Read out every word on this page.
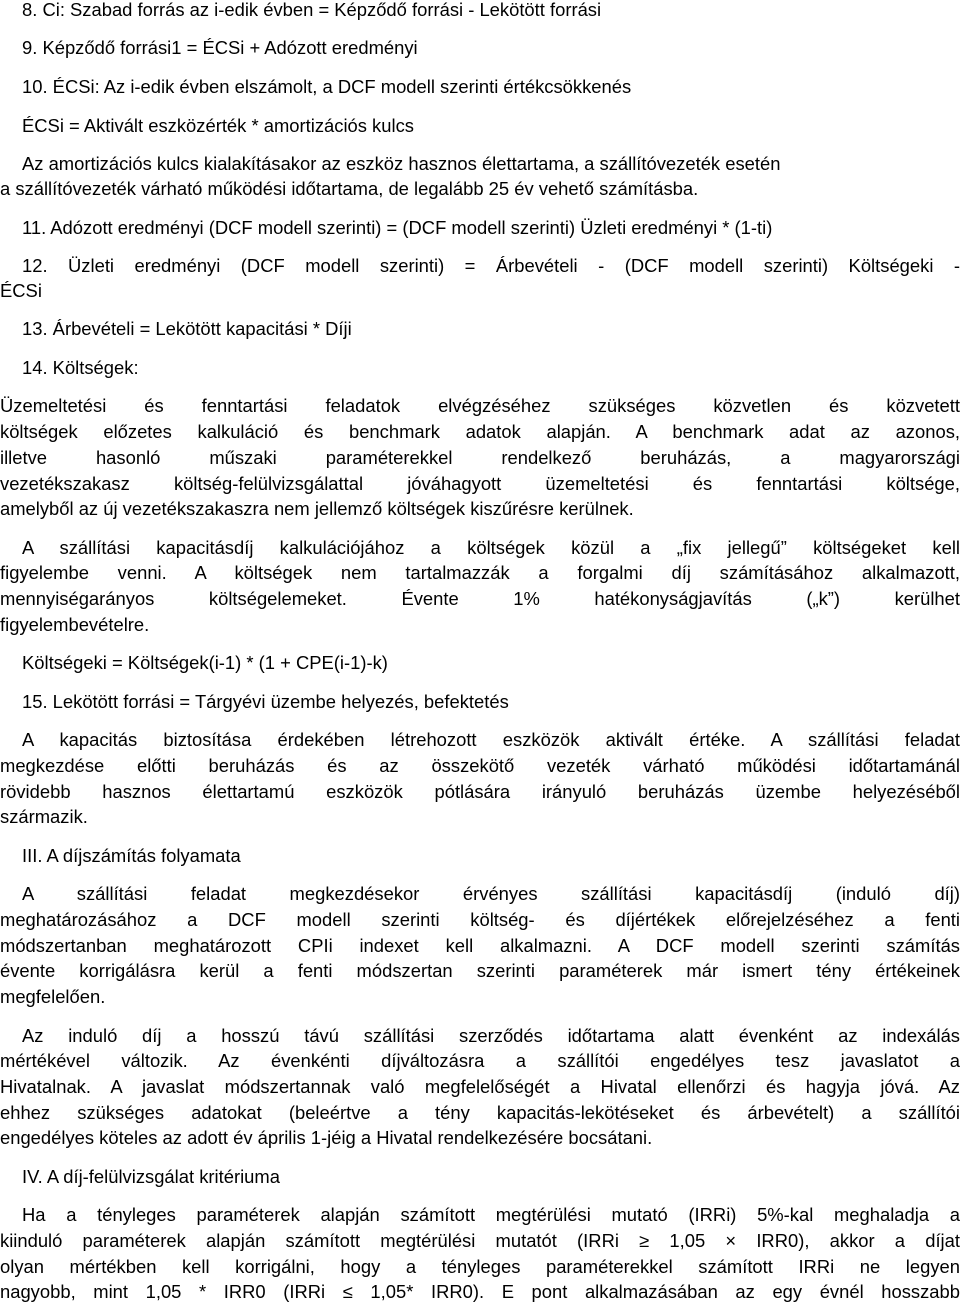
8. Ci: Szabad forrás az i-edik évben = Képződő forrási - Lekötött forrási
9. Képződő forrási1 = ÉCSi + Adózott eredményi
10. ÉCSi: Az i-edik évben elszámolt, a DCF modell szerinti értékcsökkenés
ÉCSi = Aktivált eszközérték * amortizációs kulcs
Az amortizációs kulcs kialakításakor az eszköz hasznos élettartama, a szállítóvezeték esetén
a szállítóvezeték várható működési időtartama, de legalább 25 év vehető számításba.
11. Adózott eredményi (DCF modell szerinti) = (DCF modell szerinti) Üzleti eredményi * (1-ti)
12. Üzleti eredményi (DCF modell szerinti) = Árbevételi - (DCF modell szerinti) Költségeki -
ÉCSi
13. Árbevételi = Lekötött kapacitási * Díji
14. Költségek:
Üzemeltetési és fenntartási feladatok elvégzéséhez szükséges közvetlen és közvetett
költségek előzetes kalkuláció és benchmark adatok alapján. A benchmark adat az azonos,
illetve hasonló műszaki paraméterekkel rendelkező beruházás, a magyarországi
vezetékszakasz költség-felülvizsgálattal jóváhagyott üzemeltetési és fenntartási költsége,
amelyből az új vezetékszakaszra nem jellemző költségek kiszűrésre kerülnek.
A szállítási kapacitásdíj kalkulációjához a költségek közül a „fix jellegű” költségeket kell
figyelembe venni. A költségek nem tartalmazzák a forgalmi díj számításához alkalmazott,
mennyiségarányos költségelemeket. Évente 1% hatékonyságjavítás („k”) kerülhet
figyelembevételre.
Költségeki = Költségek(i-1) * (1 + CPE(i-1)-k)
15. Lekötött forrási = Tárgyévi üzembe helyezés, befektetés
A kapacitás biztosítása érdekében létrehozott eszközök aktivált értéke. A szállítási feladat
megkezdése előtti beruházás és az összekötő vezeték várható működési időtartamánál
rövidebb hasznos élettartamú eszközök pótlására irányuló beruházás üzembe helyezéséből
származik.
III. A díjszámítás folyamata
A szállítási feladat megkezdésekor érvényes szállítási kapacitásdíj (induló díj)
meghatározásához a DCF modell szerinti költség- és díjértékek előrejelzéséhez a fenti
módszertanban meghatározott CPIi indexet kell alkalmazni. A DCF modell szerinti számítás
évente korrigálásra kerül a fenti módszertan szerinti paraméterek már ismert tény értékeinek
megfelelően.
Az induló díj a hosszú távú szállítási szerződés időtartama alatt évenként az indexálás
mértékével változik. Az évenkénti díjváltozásra a szállítói engedélyes tesz javaslatot a
Hivatalnak. A javaslat módszertannak való megfelelőségét a Hivatal ellenőrzi és hagyja jóvá. Az
ehhez szükséges adatokat (beleértve a tény kapacitás-lekötéseket és árbevételt) a szállítói
engedélyes köteles az adott év április 1-jéig a Hivatal rendelkezésére bocsátani.
IV. A díj-felülvizsgálat kritériuma
Ha a tényleges paraméterek alapján számított megtérülési mutató (IRRi) 5%-kal meghaladja a
kiinduló paraméterek alapján számított megtérülési mutatót (IRRi ≥ 1,05 × IRR0), akkor a díjat
olyan mértékben kell korrigálni, hogy a tényleges paraméterekkel számított IRRi ne legyen
nagyobb, mint 1,05 * IRR0 (IRRi ≤ 1,05* IRR0). E pont alkalmazásában az egy évnél hosszabb
